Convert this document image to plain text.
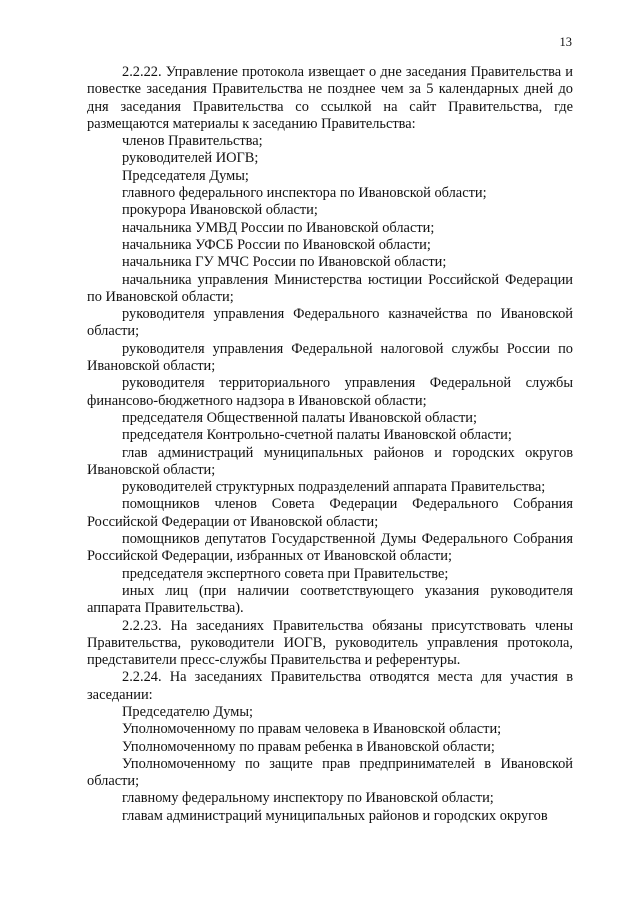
13

2.2.22. Управление протокола извещает о дне заседания Правительства и повестке заседания Правительства не позднее чем за 5 календарных дней до дня заседания Правительства со ссылкой на сайт Правительства, где размещаются материалы к заседанию Правительства:

членов Правительства;

руководителей ИОГВ;

Председателя Думы;

главного федерального инспектора по Ивановской области;

прокурора Ивановской области;

начальника УМВД России по Ивановской области;

начальника УФСБ России по Ивановской области;

начальника ГУ МЧС России по Ивановской области;

начальника управления Министерства юстиции Российской Федерации по Ивановской области;

руководителя управления Федерального казначейства по Ивановской области;

руководителя управления Федеральной налоговой службы России по Ивановской области;

руководителя территориального управления Федеральной службы финансово-бюджетного надзора в Ивановской области;

председателя Общественной палаты Ивановской области;

председателя Контрольно-счетной палаты Ивановской области;

глав администраций муниципальных районов и городских округов Ивановской области;

руководителей структурных подразделений аппарата Правительства;

помощников членов Совета Федерации Федерального Собрания Российской Федерации от Ивановской области;

помощников депутатов Государственной Думы Федерального Собрания Российской Федерации, избранных от Ивановской области;

председателя экспертного совета при Правительстве;

иных лиц (при наличии соответствующего указания руководителя аппарата Правительства).

2.2.23. На заседаниях Правительства обязаны присутствовать члены Правительства, руководители ИОГВ, руководитель управления протокола, представители пресс-службы Правительства и референтуры.

2.2.24. На заседаниях Правительства отводятся места для участия в заседании:

Председателю Думы;

Уполномоченному по правам человека в Ивановской области;

Уполномоченному по правам ребенка в Ивановской области;

Уполномоченному по защите прав предпринимателей в Ивановской области;

главному федеральному инспектору по Ивановской области;

главам администраций муниципальных районов и городских округов
